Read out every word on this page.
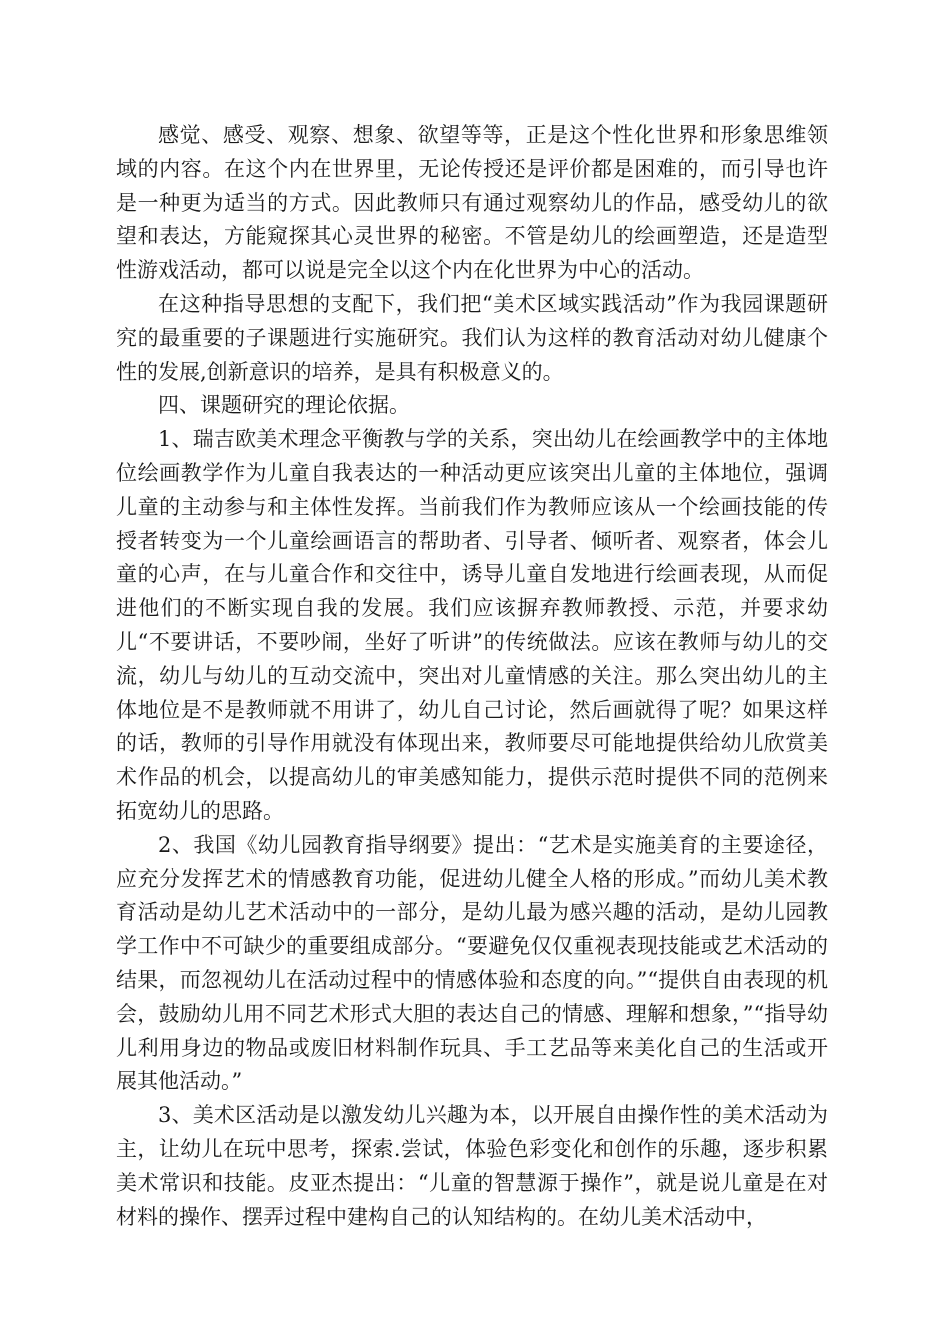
感觉、感受、观察、想象、欲望等等，正是这个性化世界和形象思维领域的内容。在这个内在世界里，无论传授还是评价都是困难的，而引导也许是一种更为适当的方式。因此教师只有通过观察幼儿的作品，感受幼儿的欲望和表达，方能窥探其心灵世界的秘密。不管是幼儿的绘画塑造，还是造型性游戏活动，都可以说是完全以这个内在化世界为中心的活动。

在这种指导思想的支配下，我们把“美术区域实践活动”作为我园课题研究的最重要的子课题进行实施研究。我们认为这样的教育活动对幼儿健康个性的发展,创新意识的培养，是具有积极意义的。

四、课题研究的理论依据。

1、瑞吉欧美术理念平衡教与学的关系，突出幼儿在绘画教学中的主体地位绘画教学作为儿童自我表达的一种活动更应该突出儿童的主体地位，强调儿童的主动参与和主体性发挥。当前我们作为教师应该从一个绘画技能的传授者转变为一个儿童绘画语言的帮助者、引导者、倾听者、观察者，体会儿童的心声，在与儿童合作和交往中，诱导儿童自发地进行绘画表现，从而促进他们的不断实现自我的发展。我们应该摒弃教师教授、示范，并要求幼儿“不要讲话，不要吵闹，坐好了听讲”的传统做法。应该在教师与幼儿的交流，幼儿与幼儿的互动交流中，突出对儿童情感的关注。那么突出幼儿的主体地位是不是教师就不用讲了，幼儿自己讨论，然后画就得了呢？如果这样的话，教师的引导作用就没有体现出来，教师要尽可能地提供给幼儿欣赏美术作品的机会，以提高幼儿的审美感知能力，提供示范时提供不同的范例来拓宽幼儿的思路。

2、我国《幼儿园教育指导纲要》提出：“艺术是实施美育的主要途径，应充分发挥艺术的情感教育功能，促进幼儿健全人格的形成。”而幼儿美术教育活动是幼儿艺术活动中的一部分，是幼儿最为感兴趣的活动，是幼儿园教学工作中不可缺少的重要组成部分。“要避免仅仅重视表现技能或艺术活动的结果，而忽视幼儿在活动过程中的情感体验和态度的向。”“提供自由表现的机会，鼓励幼儿用不同艺术形式大胆的表达自己的情感、理解和想象，”“指导幼儿利用身边的物品或废旧材料制作玩具、手工艺品等来美化自己的生活或开展其他活动。”

3、美术区活动是以激发幼儿兴趣为本，以开展自由操作性的美术活动为主，让幼儿在玩中思考，探索.尝试，体验色彩变化和创作的乐趣，逐步积累美术常识和技能。皮亚杰提出：“儿童的智慧源于操作”，就是说儿童是在对材料的操作、摆弄过程中建构自己的认知结构的。在幼儿美术活动中，
